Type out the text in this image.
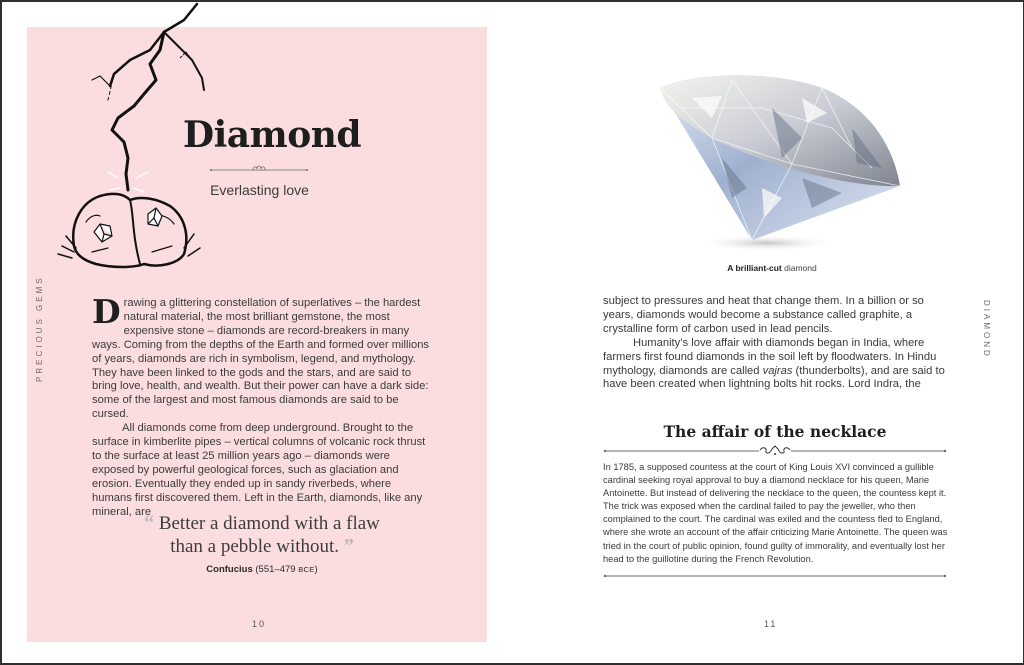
Diamond
Everlasting love
PRECIOUS GEMS Drawing a glittering constellation of superlatives – the hardest natural material, the most brilliant gemstone, the most expensive stone – diamonds are record-breakers in many ways. Coming from the depths of the Earth and formed over millions of years, diamonds are rich in symbolism, legend, and mythology. They have been linked to the gods and the stars, and are said to bring love, health, and wealth. But their power can have a dark side: some of the largest and most famous diamonds are said to be cursed.

All diamonds come from deep underground. Brought to the surface in kimberlite pipes – vertical columns of volcanic rock thrust to the surface at least 25 million years ago – diamonds were exposed by powerful geological forces, such as glaciation and erosion. Eventually they ended up in sandy riverbeds, where humans first discovered them. Left in the Earth, diamonds, like any mineral, are

“ Better a diamond with a flaw than a pebble without. ”
Confucius (551–479 BCE)
10
A brilliant-cut diamond
DIAMOND

subject to pressures and heat that change them. In a billion or so years, diamonds would become a substance called graphite, a crystalline form of carbon used in lead pencils.

Humanity’s love affair with diamonds began in India, where farmers first found diamonds in the soil left by floodwaters. In Hindu mythology, diamonds are called vajras (thunderbolts), and are said to have been created when lightning bolts hit rocks. Lord Indra, the

The affair of the necklace
In 1785, a supposed countess at the court of King Louis XVI convinced a gullible cardinal seeking royal approval to buy a diamond necklace for his queen, Marie Antoinette. But instead of delivering the necklace to the queen, the countess kept it. The trick was exposed when the cardinal failed to pay the jeweller, who then complained to the court. The cardinal was exiled and the countess fled to England, where she wrote an account of the affair criticizing Marie Antoinette. The queen was tried in the court of public opinion, found guilty of immorality, and eventually lost her head to the guillotine during the French Revolution.
11
